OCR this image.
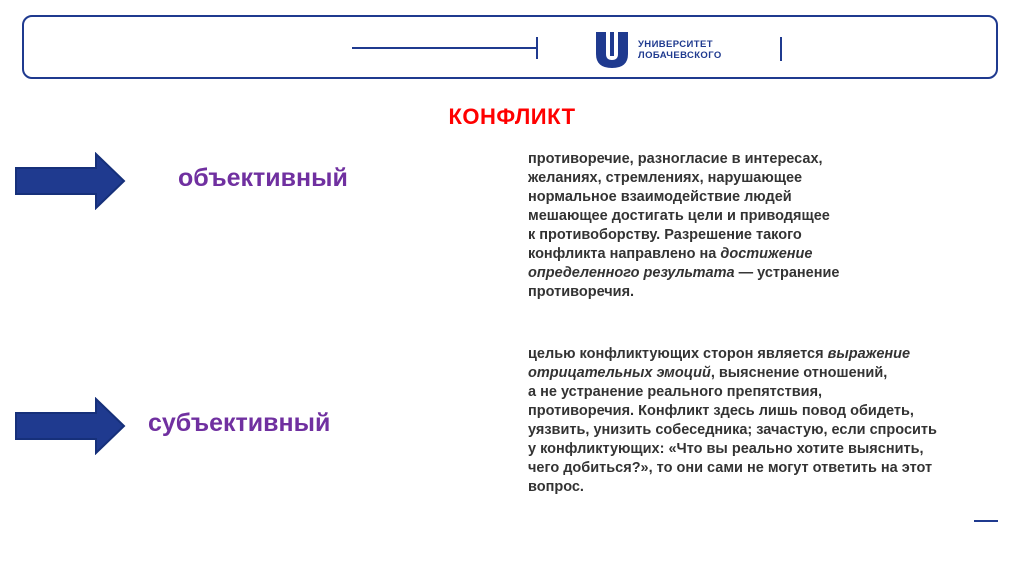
УНИВЕРСИТЕТ
ЛОБАЧЕВСКОГО
КОНФЛИКТ
объективный
противоречие, разногласие в интересах,
желаниях, стремлениях, нарушающее
нормальное взаимодействие людей
мешающее достигать цели и приводящее
к противоборству. Разрешение такого
конфликта направлено на достижение
определенного результата — устранение
противоречия.
субъективный
целью конфликтующих сторон является выражение
отрицательных эмоций, выяснение отношений,
а не устранение реального препятствия,
противоречия. Конфликт здесь лишь повод обидеть,
уязвить, унизить собеседника; зачастую, если спросить
у конфликтующих: «Что вы реально хотите выяснить,
чего добиться?», то они сами не могут ответить на этот
вопрос.
